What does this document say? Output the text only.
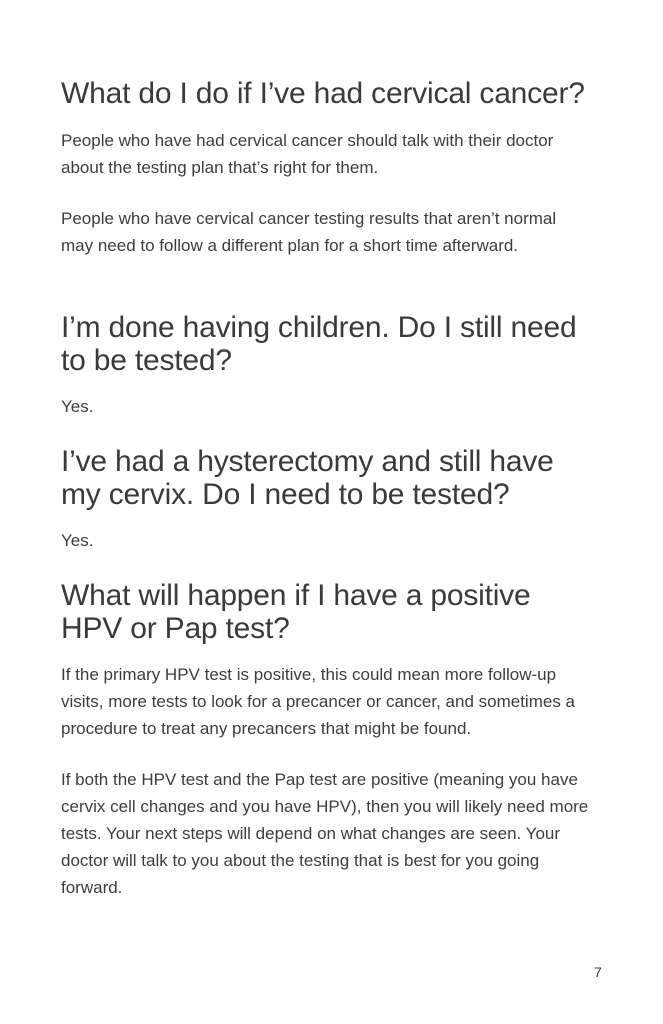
What do I do if I’ve had cervical cancer?

People who have had cervical cancer should talk with their doctor about the testing plan that’s right for them.

People who have cervical cancer testing results that aren’t normal may need to follow a different plan for a short time afterward.

I’m done having children. Do I still need to be tested?

Yes.

I’ve had a hysterectomy and still have my cervix. Do I need to be tested?

Yes.

What will happen if I have a positive HPV or Pap test?

If the primary HPV test is positive, this could mean more follow-up visits, more tests to look for a precancer or cancer, and sometimes a procedure to treat any precancers that might be found.

If both the HPV test and the Pap test are positive (meaning you have cervix cell changes and you have HPV), then you will likely need more tests. Your next steps will depend on what changes are seen. Your doctor will talk to you about the testing that is best for you going forward.

7
